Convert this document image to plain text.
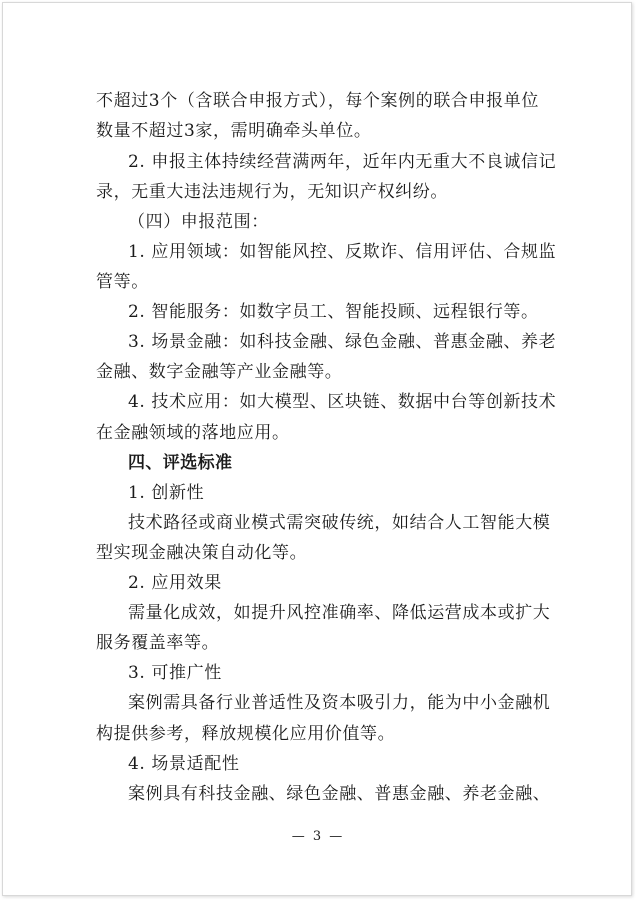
不超过3个（含联合申报方式），每个案例的联合申报单位
数量不超过3家，需明确牵头单位。
2. 申报主体持续经营满两年，近年内无重大不良诚信记
录，无重大违法违规行为，无知识产权纠纷。
（四）申报范围：
1. 应用领域：如智能风控、反欺诈、信用评估、合规监
管等。
2. 智能服务：如数字员工、智能投顾、远程银行等。
3. 场景金融：如科技金融、绿色金融、普惠金融、养老
金融、数字金融等产业金融等。
4. 技术应用：如大模型、区块链、数据中台等创新技术
在金融领域的落地应用。
四、评选标准
1. 创新性
技术路径或商业模式需突破传统，如结合人工智能大模
型实现金融决策自动化等。
2. 应用效果
需量化成效，如提升风控准确率、降低运营成本或扩大
服务覆盖率等。
3. 可推广性
案例需具备行业普适性及资本吸引力，能为中小金融机
构提供参考，释放规模化应用价值等。
4. 场景适配性
案例具有科技金融、绿色金融、普惠金融、养老金融、
— 3 —
